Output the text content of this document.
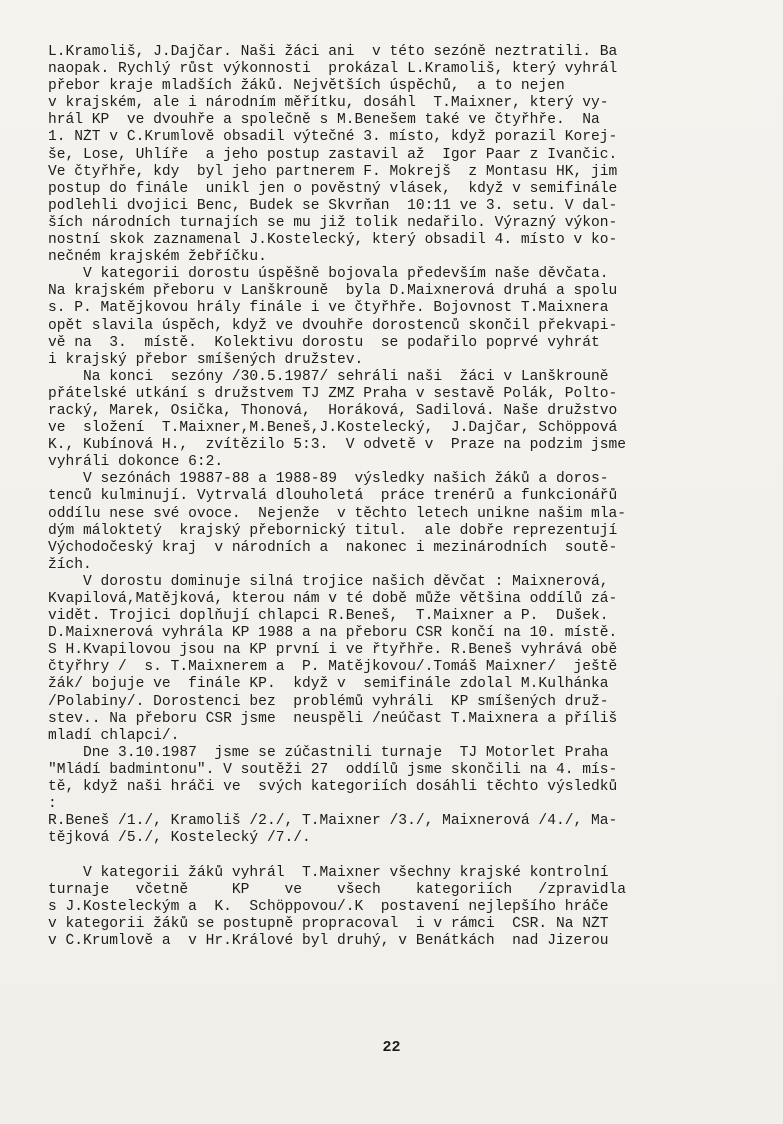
L.Kramoliš, J.Dajčar. Naši žáci ani  v této sezóně neztratili. Ba
naopak. Rychlý růst výkonnosti  prokázal L.Kramoliš, který vyhrál
přebor kraje mladších žáků. Největších úspěchů,  a to nejen
v krajském, ale i národním měřítku, dosáhl  T.Maixner, který vy-
hrál KP  ve dvouhře a společně s M.Benešem také ve čtyřhře.  Na
1. NŽT v Č.Krumlově obsadil výtečné 3. místo, když porazil Korej-
še, Lose, Uhlíře  a jeho postup zastavil až  Igor Paar z Ivančic.
Ve čtyřhře, kdy  byl jeho partnerem F. Mokrejš  z Montasu HK, jim
postup do finále  unikl jen o pověstný vlásek,  když v semifinále
podlehli dvojici Benc, Budek se Skvrňan  10:11 ve 3. setu. V dal-
ších národních turnajích se mu již tolik nedařilo. Výrazný výkon-
nostní skok zaznamenal J.Kostelecký, který obsadil 4. místo v ko-
nečném krajském žebříčku.
V kategorii dorostu úspěšně bojovala především naše děvčata.
Na krajském přeboru v Lanškrouně  byla D.Maixnerová druhá a spolu
s. P. Matějkovou hrály finále i ve čtyřhře. Bojovnost T.Maixnera
opět slavila úspěch, když ve dvouhře dorostenců skončil překvapi-
vě na  3.  místě.  Kolektivu dorostu  se podařilo poprvé vyhrát
i krajský přebor smíšených družstev.
Na konci  sezóny /30.5.1987/ sehráli naši  žáci v Lanškrouně
přátelské utkání s družstvem TJ ZMZ Praha v sestavě Polák, Polto-
racký, Marek, Osička, Thonová,  Horáková, Sadilová. Naše družstvo
ve  složení  T.Maixner,M.Beneš,J.Kostelecký,  J.Dajčar, Schöppová
K., Kubínová H.,  zvítězilo 5:3.  V odvetě v  Praze na podzim jsme
vyhráli dokonce 6:2.
V sezónách 19887-88 a 1988-89  výsledky našich žáků a doros-
tenců kulminují. Vytrvalá dlouholetá  práce trenérů a funkcionářů
oddílu nese své ovoce.  Nejenže  v těchto letech unikne našim mla-
dým máloktetý  krajský přebornický titul.  ale dobře reprezentují
Východočeský kraj  v národních a  nakonec i mezinárodních  soutě-
žích.
V dorostu dominuje silná trojice našich děvčat : Maixnerová,
Kvapilová,Matějková, kterou nám v té době může většina oddílů zá-
vidět. Trojici doplňují chlapci R.Beneš,  T.Maixner a P.  Dušek.
D.Maixnerová vyhrála KP 1988 a na přeboru ČSR končí na 10. místě.
S H.Kvapilovou jsou na KP první i ve řtyřhře. R.Beneš vyhrává obě
čtyřhry /  s. T.Maixnerem a  P. Matějkovou/.Tomáš Maixner/  ještě
žák/ bojuje ve  finále KP.  když v  semifinále zdolal M.Kulhánka
/Polabiny/. Dorostenci bez  problémů vyhráli  KP smíšených druž-
stev.. Na přeboru ČSR jsme  neuspěli /neúčast T.Maixnera a příliš
mladí chlapci/.
Dne 3.10.1987  jsme se zúčastnili turnaje  TJ Motorlet Praha
"Mládí badmintonu". V soutěži 27  oddílů jsme skončili na 4. mís-
tě, když naši hráči ve  svých kategoriích dosáhli těchto výsledků
:
R.Beneš /1./, Kramoliš /2./, T.Maixner /3./, Maixnerová /4./, Ma-
tějková /5./, Kostelecký /7./.
V kategorii žáků vyhrál  T.Maixner všechny krajské kontrolní
turnaje   včetně     KP    ve    všech    kategoriích   /zpravidla
s J.Kosteleckým a  K.  Schöppovou/.K  postavení nejlepšího hráče
v kategorii žáků se postupně propracoval  i v rámci  ČSR. Na NŽT
v Č.Krumlově a  v Hr.Králové byl druhý, v Benátkách  nad Jizerou
22
